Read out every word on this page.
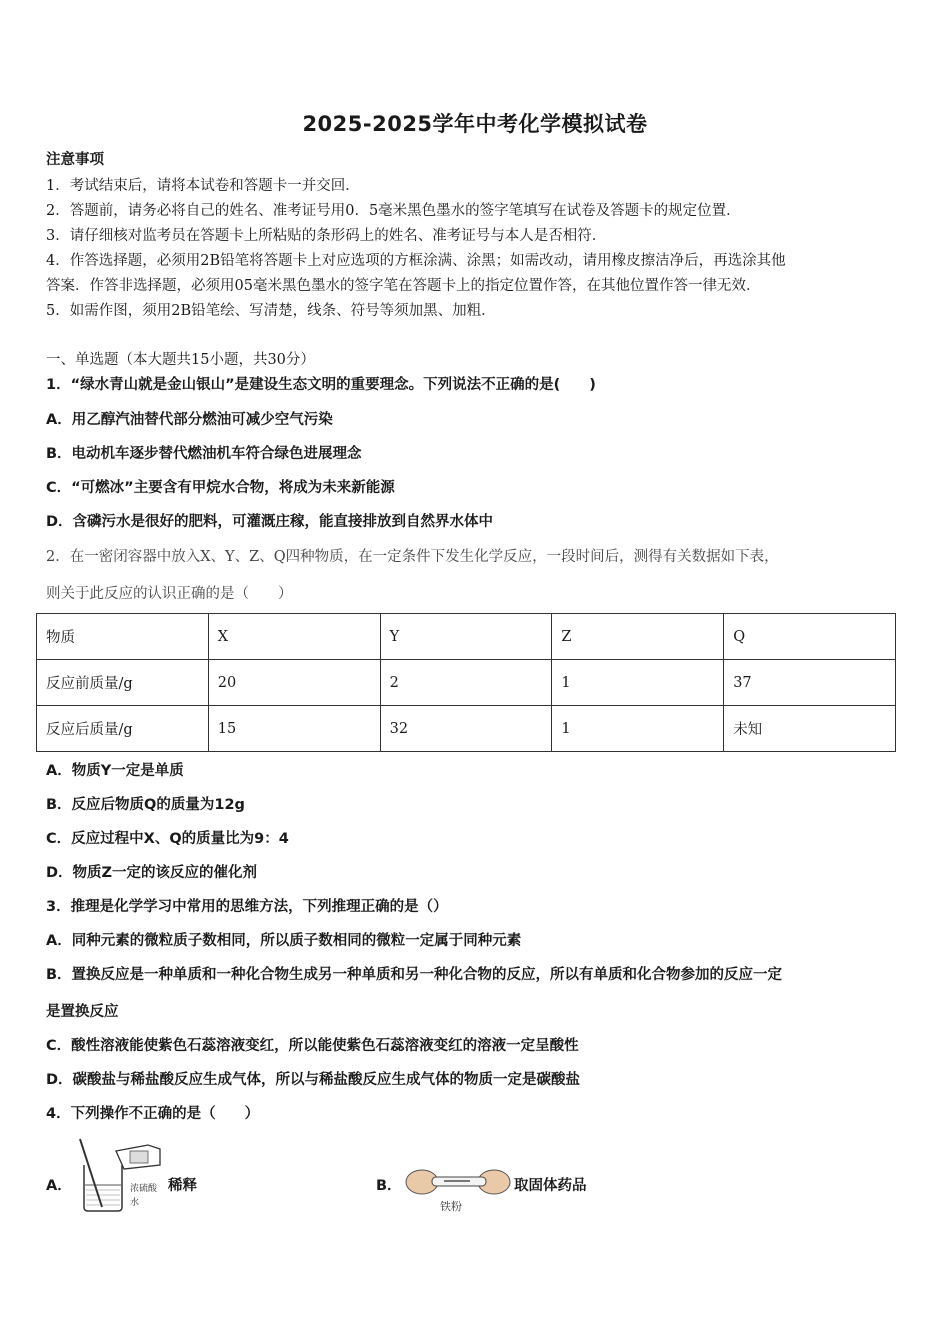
2025-2025学年中考化学模拟试卷
注意事项
1．考试结束后，请将本试卷和答题卡一并交回．
2．答题前，请务必将自己的姓名、准考证号用0．5毫米黑色墨水的签字笔填写在试卷及答题卡的规定位置．
3．请仔细核对监考员在答题卡上所粘贴的条形码上的姓名、准考证号与本人是否相符．
4．作答选择题，必须用2B铅笔将答题卡上对应选项的方框涂满、涂黑；如需改动，请用橡皮擦洁净后，再选涂其他
答案．作答非选择题，必须用05毫米黑色墨水的签字笔在答题卡上的指定位置作答，在其他位置作答一律无效．
5．如需作图，须用2B铅笔绘、写清楚，线条、符号等须加黑、加粗．
一、单选题（本大题共15小题，共30分）
1．“绿水青山就是金山银山”是建设生态文明的重要理念。下列说法不正确的是(　　)
A．用乙醇汽油替代部分燃油可减少空气污染
B．电动机车逐步替代燃油机车符合绿色进展理念
C．“可燃冰”主要含有甲烷水合物，将成为未来新能源
D．含磷污水是很好的肥料，可灌溉庄稼，能直接排放到自然界水体中
2．在一密闭容器中放入X、Y、Z、Q四种物质，在一定条件下发生化学反应，一段时间后，测得有关数据如下表，
则关于此反应的认识正确的是（　　）
物质	X	Y	Z	Q
反应前质量/g	20	2	1	37
反应后质量/g	15	32	1	未知
A．物质Y一定是单质
B．反应后物质Q的质量为12g
C．反应过程中X、Q的质量比为9：4
D．物质Z一定的该反应的催化剂
3．推理是化学学习中常用的思维方法，下列推理正确的是（）
A．同种元素的微粒质子数相同，所以质子数相同的微粒一定属于同种元素
B．置换反应是一种单质和一种化合物生成另一种单质和另一种化合物的反应，所以有单质和化合物参加的反应一定
是置换反应
C．酸性溶液能使紫色石蕊溶液变红，所以能使紫色石蕊溶液变红的溶液一定呈酸性
D．碳酸盐与稀盐酸反应生成气体，所以与稀盐酸反应生成气体的物质一定是碳酸盐
4．下列操作不正确的是（　　）
A．	浓硫酸
水
稀释	B．
铁粉
取固体药品
